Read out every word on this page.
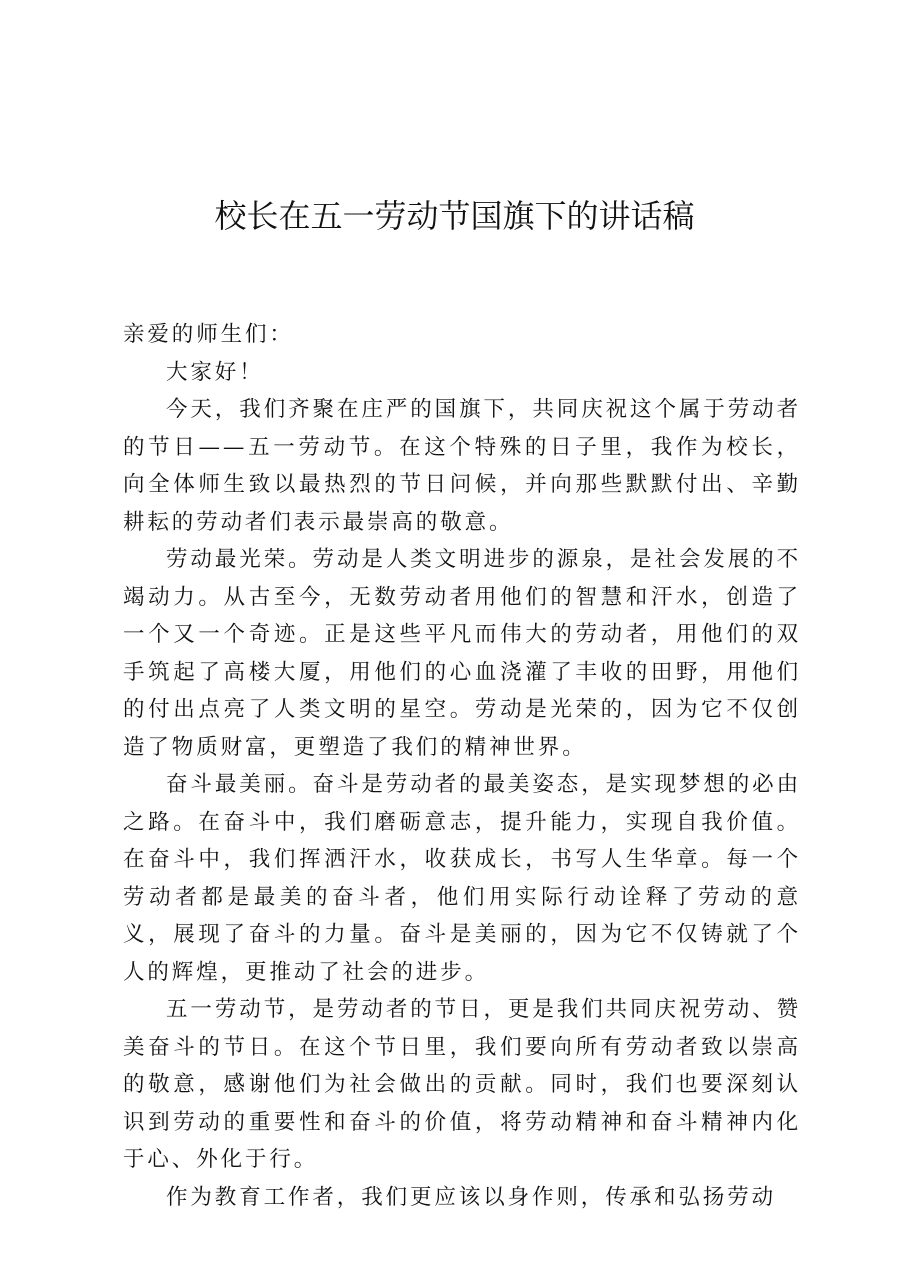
校长在五一劳动节国旗下的讲话稿

亲爱的师生们：

大家好！

今天，我们齐聚在庄严的国旗下，共同庆祝这个属于劳动者的节日——五一劳动节。在这个特殊的日子里，我作为校长，向全体师生致以最热烈的节日问候，并向那些默默付出、辛勤耕耘的劳动者们表示最崇高的敬意。

劳动最光荣。劳动是人类文明进步的源泉，是社会发展的不竭动力。从古至今，无数劳动者用他们的智慧和汗水，创造了一个又一个奇迹。正是这些平凡而伟大的劳动者，用他们的双手筑起了高楼大厦，用他们的心血浇灌了丰收的田野，用他们的付出点亮了人类文明的星空。劳动是光荣的，因为它不仅创造了物质财富，更塑造了我们的精神世界。

奋斗最美丽。奋斗是劳动者的最美姿态，是实现梦想的必由之路。在奋斗中，我们磨砺意志，提升能力，实现自我价值。在奋斗中，我们挥洒汗水，收获成长，书写人生华章。每一个劳动者都是最美的奋斗者，他们用实际行动诠释了劳动的意义，展现了奋斗的力量。奋斗是美丽的，因为它不仅铸就了个人的辉煌，更推动了社会的进步。

五一劳动节，是劳动者的节日，更是我们共同庆祝劳动、赞美奋斗的节日。在这个节日里，我们要向所有劳动者致以崇高的敬意，感谢他们为社会做出的贡献。同时，我们也要深刻认识到劳动的重要性和奋斗的价值，将劳动精神和奋斗精神内化于心、外化于行。

作为教育工作者，我们更应该以身作则，传承和弘扬劳动
